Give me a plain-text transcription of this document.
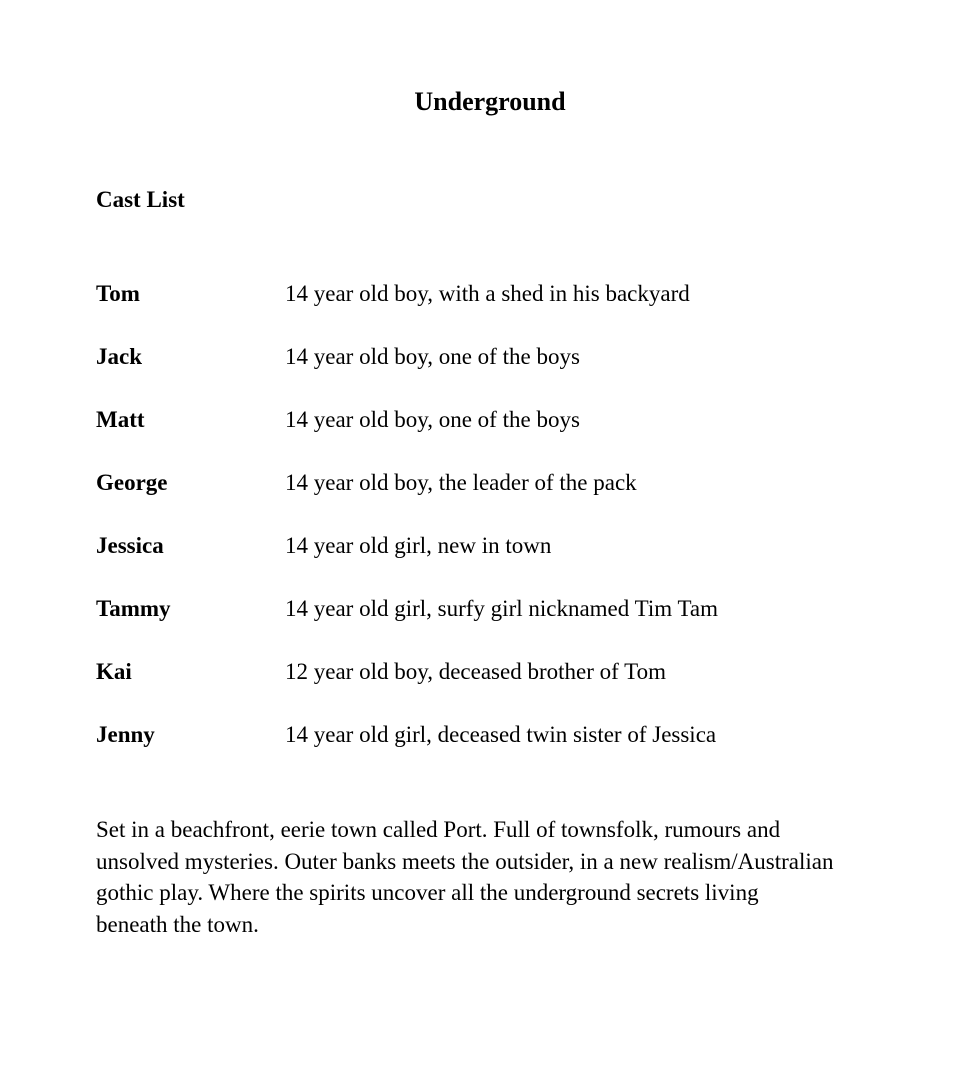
Underground
Cast List
Tom	14 year old boy, with a shed in his backyard
Jack	14 year old boy, one of the boys
Matt	14 year old boy, one of the boys
George	14 year old boy, the leader of the pack
Jessica	14 year old girl, new in town
Tammy	14 year old girl, surfy girl nicknamed Tim Tam
Kai	12 year old boy, deceased brother of Tom
Jenny	14 year old girl, deceased twin sister of Jessica
Set in a beachfront, eerie town called Port. Full of townsfolk, rumours and
unsolved mysteries. Outer banks meets the outsider, in a new realism/Australian
gothic play. Where the spirits uncover all the underground secrets living
beneath the town.
